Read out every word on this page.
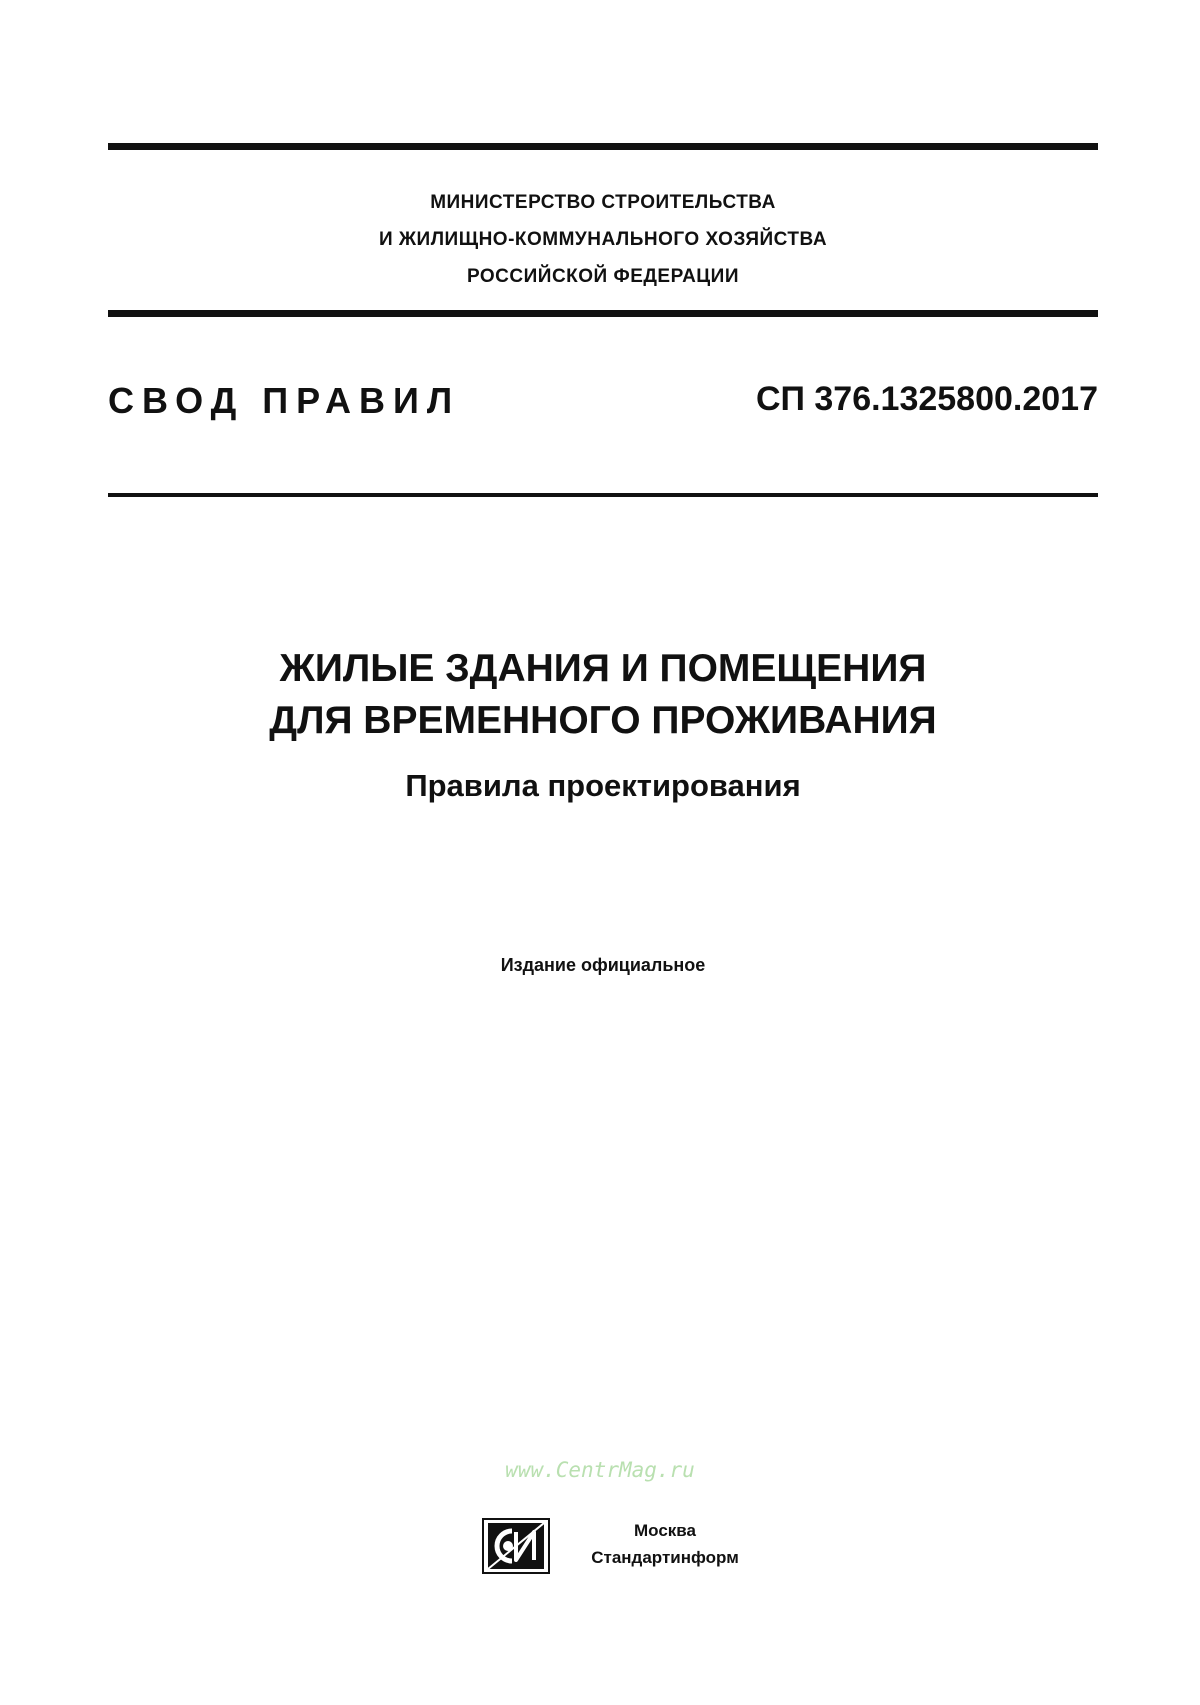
МИНИСТЕРСТВО СТРОИТЕЛЬСТВА
И ЖИЛИЩНО-КОММУНАЛЬНОГО ХОЗЯЙСТВА
РОССИЙСКОЙ ФЕДЕРАЦИИ
СВОД ПРАВИЛ	СП 376.1325800.2017
ЖИЛЫЕ ЗДАНИЯ И ПОМЕЩЕНИЯ
ДЛЯ ВРЕМЕННОГО ПРОЖИВАНИЯ
Правила проектирования
Издание официальное
www.CentrMag.ru
Москва
Стандартинформ
